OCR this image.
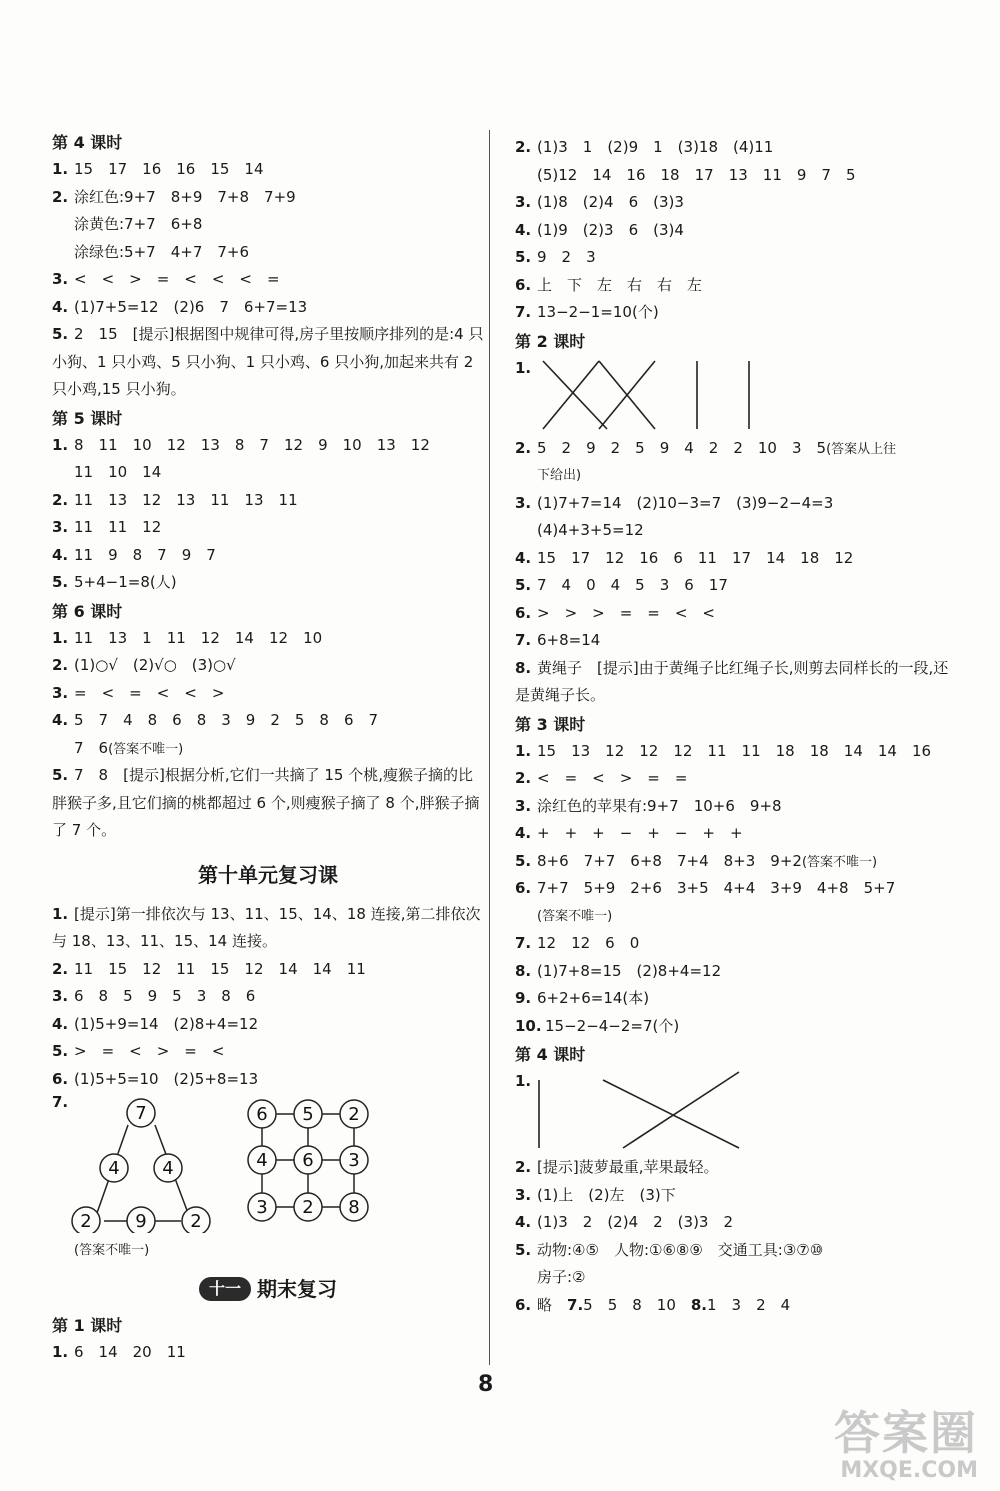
第 4 课时
1. 15　17　16　16　15　14
2. 涂红色:9+7　8+9　7+8　7+9
涂黄色:7+7　6+8
涂绿色:5+7　4+7　7+6
3. <　<　>　=　<　<　<　=
4. (1)7+5=12　(2)6　7　6+7=13
5. 2　15　[提示]根据图中规律可得,房子里按顺序排列的是:4 只小狗、1 只小鸡、5 只小狗、1 只小鸡、6 只小狗,加起来共有 2 只小鸡,15 只小狗。
第 5 课时
1. 8　11　10　12　13　8　7　12　9　10　13　12
11　10　14
2. 11　13　12　13　11　13　11
3. 11　11　12
4. 11　9　8　7　9　7
5. 5+4−1=8(人)
第 6 课时
1. 11　13　1　11　12　14　12　10
2. (1)○√　(2)√○　(3)○√
3. =　<　=　<　<　>
4. 5　7　4　8　6　8　3　9　2　5　8　6　7
7　6(答案不唯一)
5. 7　8　[提示]根据分析,它们一共摘了 15 个桃,瘦猴子摘的比胖猴子多,且它们摘的桃都超过 6 个,则瘦猴子摘了 8 个,胖猴子摘了 7 个。
第十单元复习课
1. [提示]第一排依次与 13、11、15、14、18 连接,第二排依次与 18、13、11、15、14 连接。
2. 11　15　12　11　15　12　14　14　11
3. 6　8　5　9　5　3　8　6
4. (1)5+9=14　(2)8+4=12
5. >　=　<　>　=　<
6. (1)5+5=10　(2)5+8=13
7.
7
4 4
2 9 2
6 5 2
4 6 3
3 2 8
(答案不唯一)
十一 期末复习
第 1 课时
1. 6　14　20　11
2. (1)3　1　(2)9　1　(3)18　(4)11
(5)12　14　16　18　17　13　11　9　7　5
3. (1)8　(2)4　6　(3)3
4. (1)9　(2)3　6　(3)4
5. 9　2　3
6. 上　下　左　右　右　左
7. 13−2−1=10(个)
第 2 课时
1.
2. 5　2　9　2　5　9　4　2　2　10　3　5(答案从上往
下给出)
3. (1)7+7=14　(2)10−3=7　(3)9−2−4=3
(4)4+3+5=12
4. 15　17　12　16　6　11　17　14　18　12
5. 7　4　0　4　5　3　6　17
6. >　>　>　=　=　<　<
7. 6+8=14
8. 黄绳子　[提示]由于黄绳子比红绳子长,则剪去同样长的一段,还是黄绳子长。
第 3 课时
1. 15　13　12　12　12　11　11　18　18　14　14　16
2. <　=　<　>　=　=
3. 涂红色的苹果有:9+7　10+6　9+8
4. +　+　+　−　+　−　+　+
5. 8+6　7+7　6+8　7+4　8+3　9+2(答案不唯一)
6. 7+7　5+9　2+6　3+5　4+4　3+9　4+8　5+7
(答案不唯一)
7. 12　12　6　0
8. (1)7+8=15　(2)8+4=12
9. 6+2+6=14(本)
10. 15−2−4−2=7(个)
第 4 课时
1.
2. [提示]菠萝最重,苹果最轻。
3. (1)上　(2)左　(3)下
4. (1)3　2　(2)4　2　(3)3　2
5. 动物:④⑤　人物:①⑥⑧⑨　交通工具:③⑦⑩
房子:②
6. 略　7.5　5　8　10　8.1　3　2　4
8
答案圈
MXQE.COM
